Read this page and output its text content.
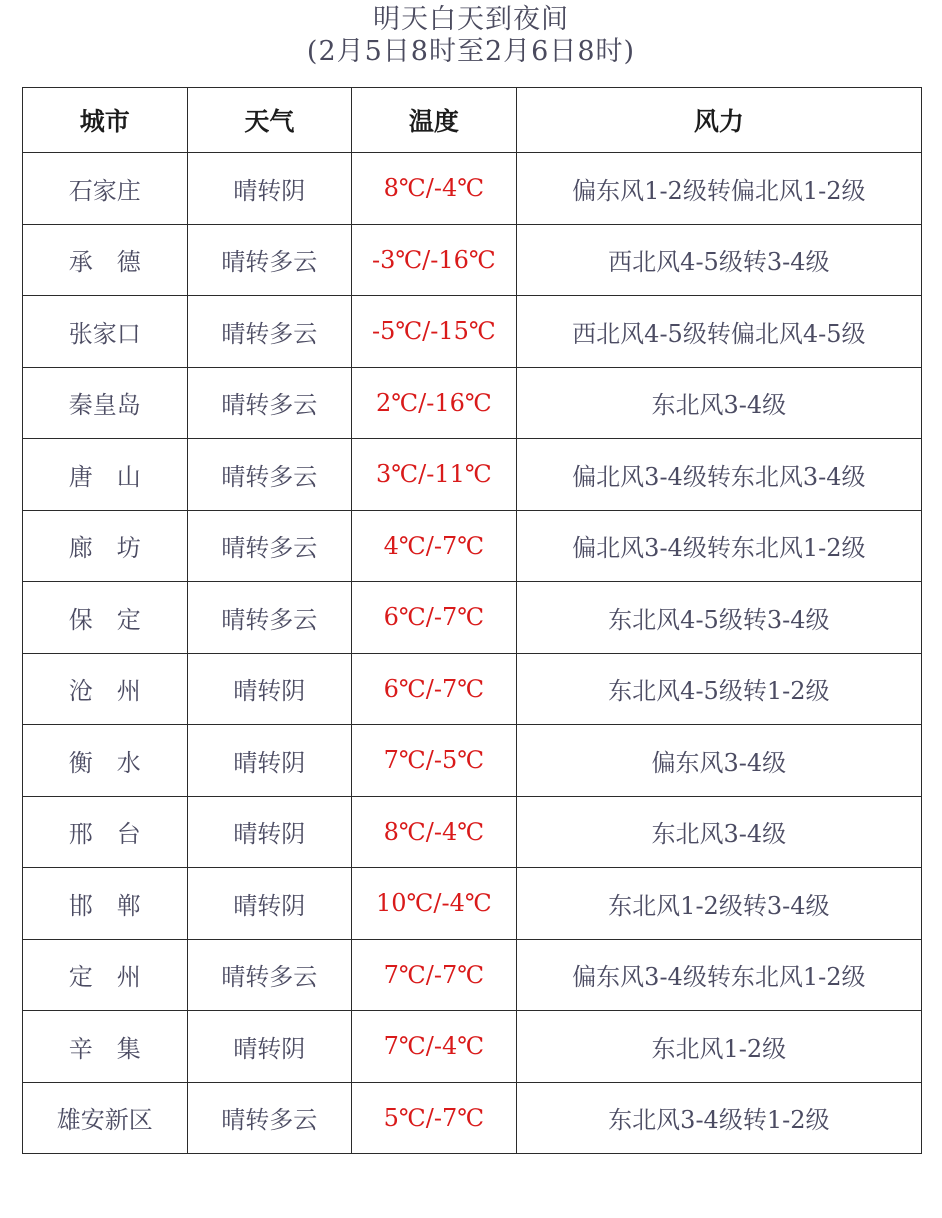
明天白天到夜间
(2月5日8时至2月6日8时)
城市	天气	温度	风力
石家庄	晴转阴	8℃/-4℃	偏东风1-2级转偏北风1-2级
承　德	晴转多云	-3℃/-16℃	西北风4-5级转3-4级
张家口	晴转多云	-5℃/-15℃	西北风4-5级转偏北风4-5级
秦皇岛	晴转多云	2℃/-16℃	东北风3-4级
唐　山	晴转多云	3℃/-11℃	偏北风3-4级转东北风3-4级
廊　坊	晴转多云	4℃/-7℃	偏北风3-4级转东北风1-2级
保　定	晴转多云	6℃/-7℃	东北风4-5级转3-4级
沧　州	晴转阴	6℃/-7℃	东北风4-5级转1-2级
衡　水	晴转阴	7℃/-5℃	偏东风3-4级
邢　台	晴转阴	8℃/-4℃	东北风3-4级
邯　郸	晴转阴	10℃/-4℃	东北风1-2级转3-4级
定　州	晴转多云	7℃/-7℃	偏东风3-4级转东北风1-2级
辛　集	晴转阴	7℃/-4℃	东北风1-2级
雄安新区	晴转多云	5℃/-7℃	东北风3-4级转1-2级
